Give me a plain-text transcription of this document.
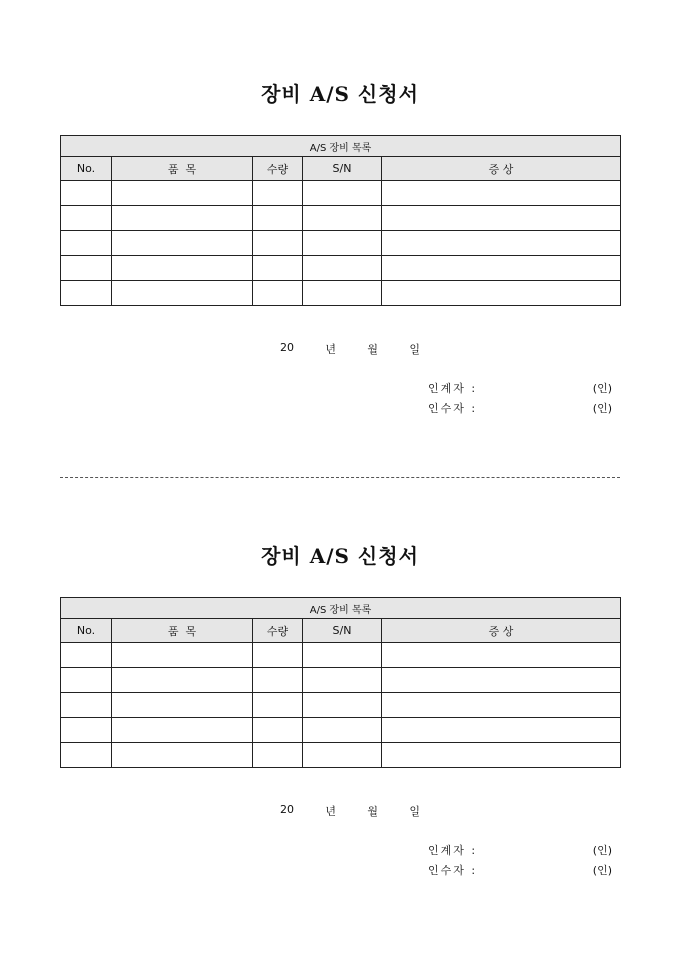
장비 A/S 신청서
A/S 장비 목록				
No.	품  목	수량	S/N	증 상

20	년	월	일
인계자 :	(인)
인수자 :	(인)
장비 A/S 신청서
A/S 장비 목록				
No.	품  목	수량	S/N	증 상

20	년	월	일
인계자 :	(인)
인수자 :	(인)
